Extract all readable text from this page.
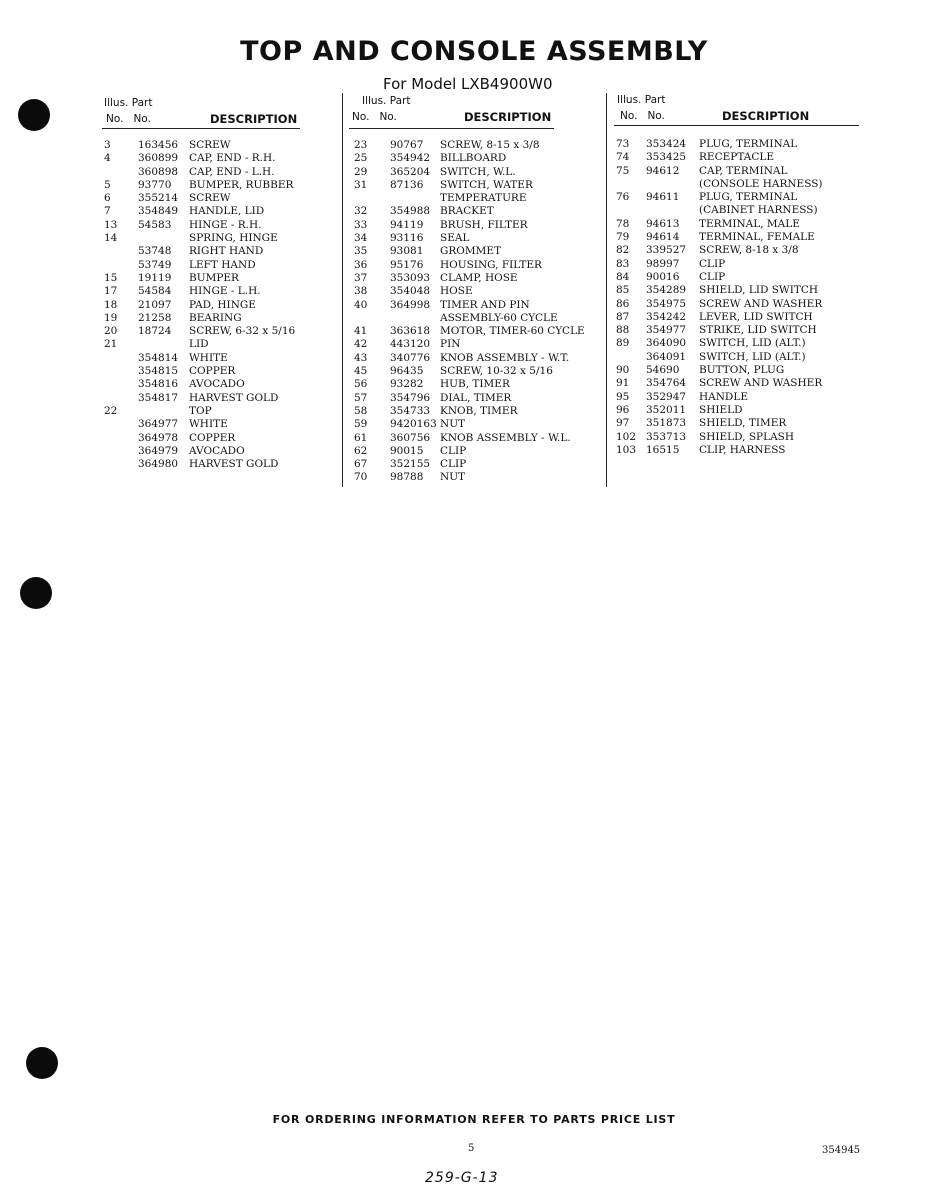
TOP AND CONSOLE ASSEMBLY
For Model LXB4900W0
Illus. Part
No. No.	DESCRIPTION
Illus. Part
No. No.	DESCRIPTION
Illus. Part
No. No.	DESCRIPTION
3	163456 SCREW
4	360899 CAP, END - R.H.
360898 CAP, END - L.H.
5	93770 BUMPER, RUBBER
6	355214 SCREW
7	354849 HANDLE, LID
13 54583 HINGE - R.H.
14	SPRING, HINGE
53748 RIGHT HAND
53749 LEFT HAND
15 19119 BUMPER
17 54584 HINGE - L.H.
18 21097 PAD, HINGE
19 21258 BEARING
20 18724 SCREW, 6-32 x 5/16
21	LID
354814 WHITE
354815 COPPER
354816 AVOCADO
354817 HARVEST GOLD
22	TOP
364977 WHITE
364978 COPPER
364979 AVOCADO
364980 HARVEST GOLD
23 90767 SCREW, 8-15 x 3/8
25 354942 BILLBOARD
29 365204 SWITCH, W.L.
31 87136 SWITCH, WATER
TEMPERATURE
32 354988 BRACKET
33 94119 BRUSH, FILTER
34 93116 SEAL
35 93081 GROMMET
36 95176 HOUSING, FILTER
37 353093 CLAMP, HOSE
38 354048 HOSE
40 364998 TIMER AND PIN
ASSEMBLY-60 CYCLE
41 363618 MOTOR, TIMER-60 CYCLE
42 443120 PIN
43 340776 KNOB ASSEMBLY - W.T.
45 96435 SCREW, 10-32 x 5/16
56 93282 HUB, TIMER
57 354796 DIAL, TIMER
58 354733 KNOB, TIMER
59 9420163 NUT
61 360756 KNOB ASSEMBLY - W.L.
62 90015 CLIP
67 352155 CLIP
70 98788 NUT
73 353424 PLUG, TERMINAL
74 353425 RECEPTACLE
75 94612 CAP, TERMINAL
(CONSOLE HARNESS)
76 94611 PLUG, TERMINAL
(CABINET HARNESS)
78 94613 TERMINAL, MALE
79 94614 TERMINAL, FEMALE
82 339527 SCREW, 8-18 x 3/8
83 98997 CLIP
84 90016 CLIP
85 354289 SHIELD, LID SWITCH
86 354975 SCREW AND WASHER
87 354242 LEVER, LID SWITCH
88 354977 STRIKE, LID SWITCH
89 364090 SWITCH, LID (ALT.)
364091 SWITCH, LID (ALT.)
90 54690 BUTTON, PLUG
91 354764 SCREW AND WASHER
95 352947 HANDLE
96 352011 SHIELD
97 351873 SHIELD, TIMER
102 353713 SHIELD, SPLASH
103 16515 CLIP, HARNESS
FOR ORDERING INFORMATION REFER TO PARTS PRICE LIST
5	354945
259-G-13
